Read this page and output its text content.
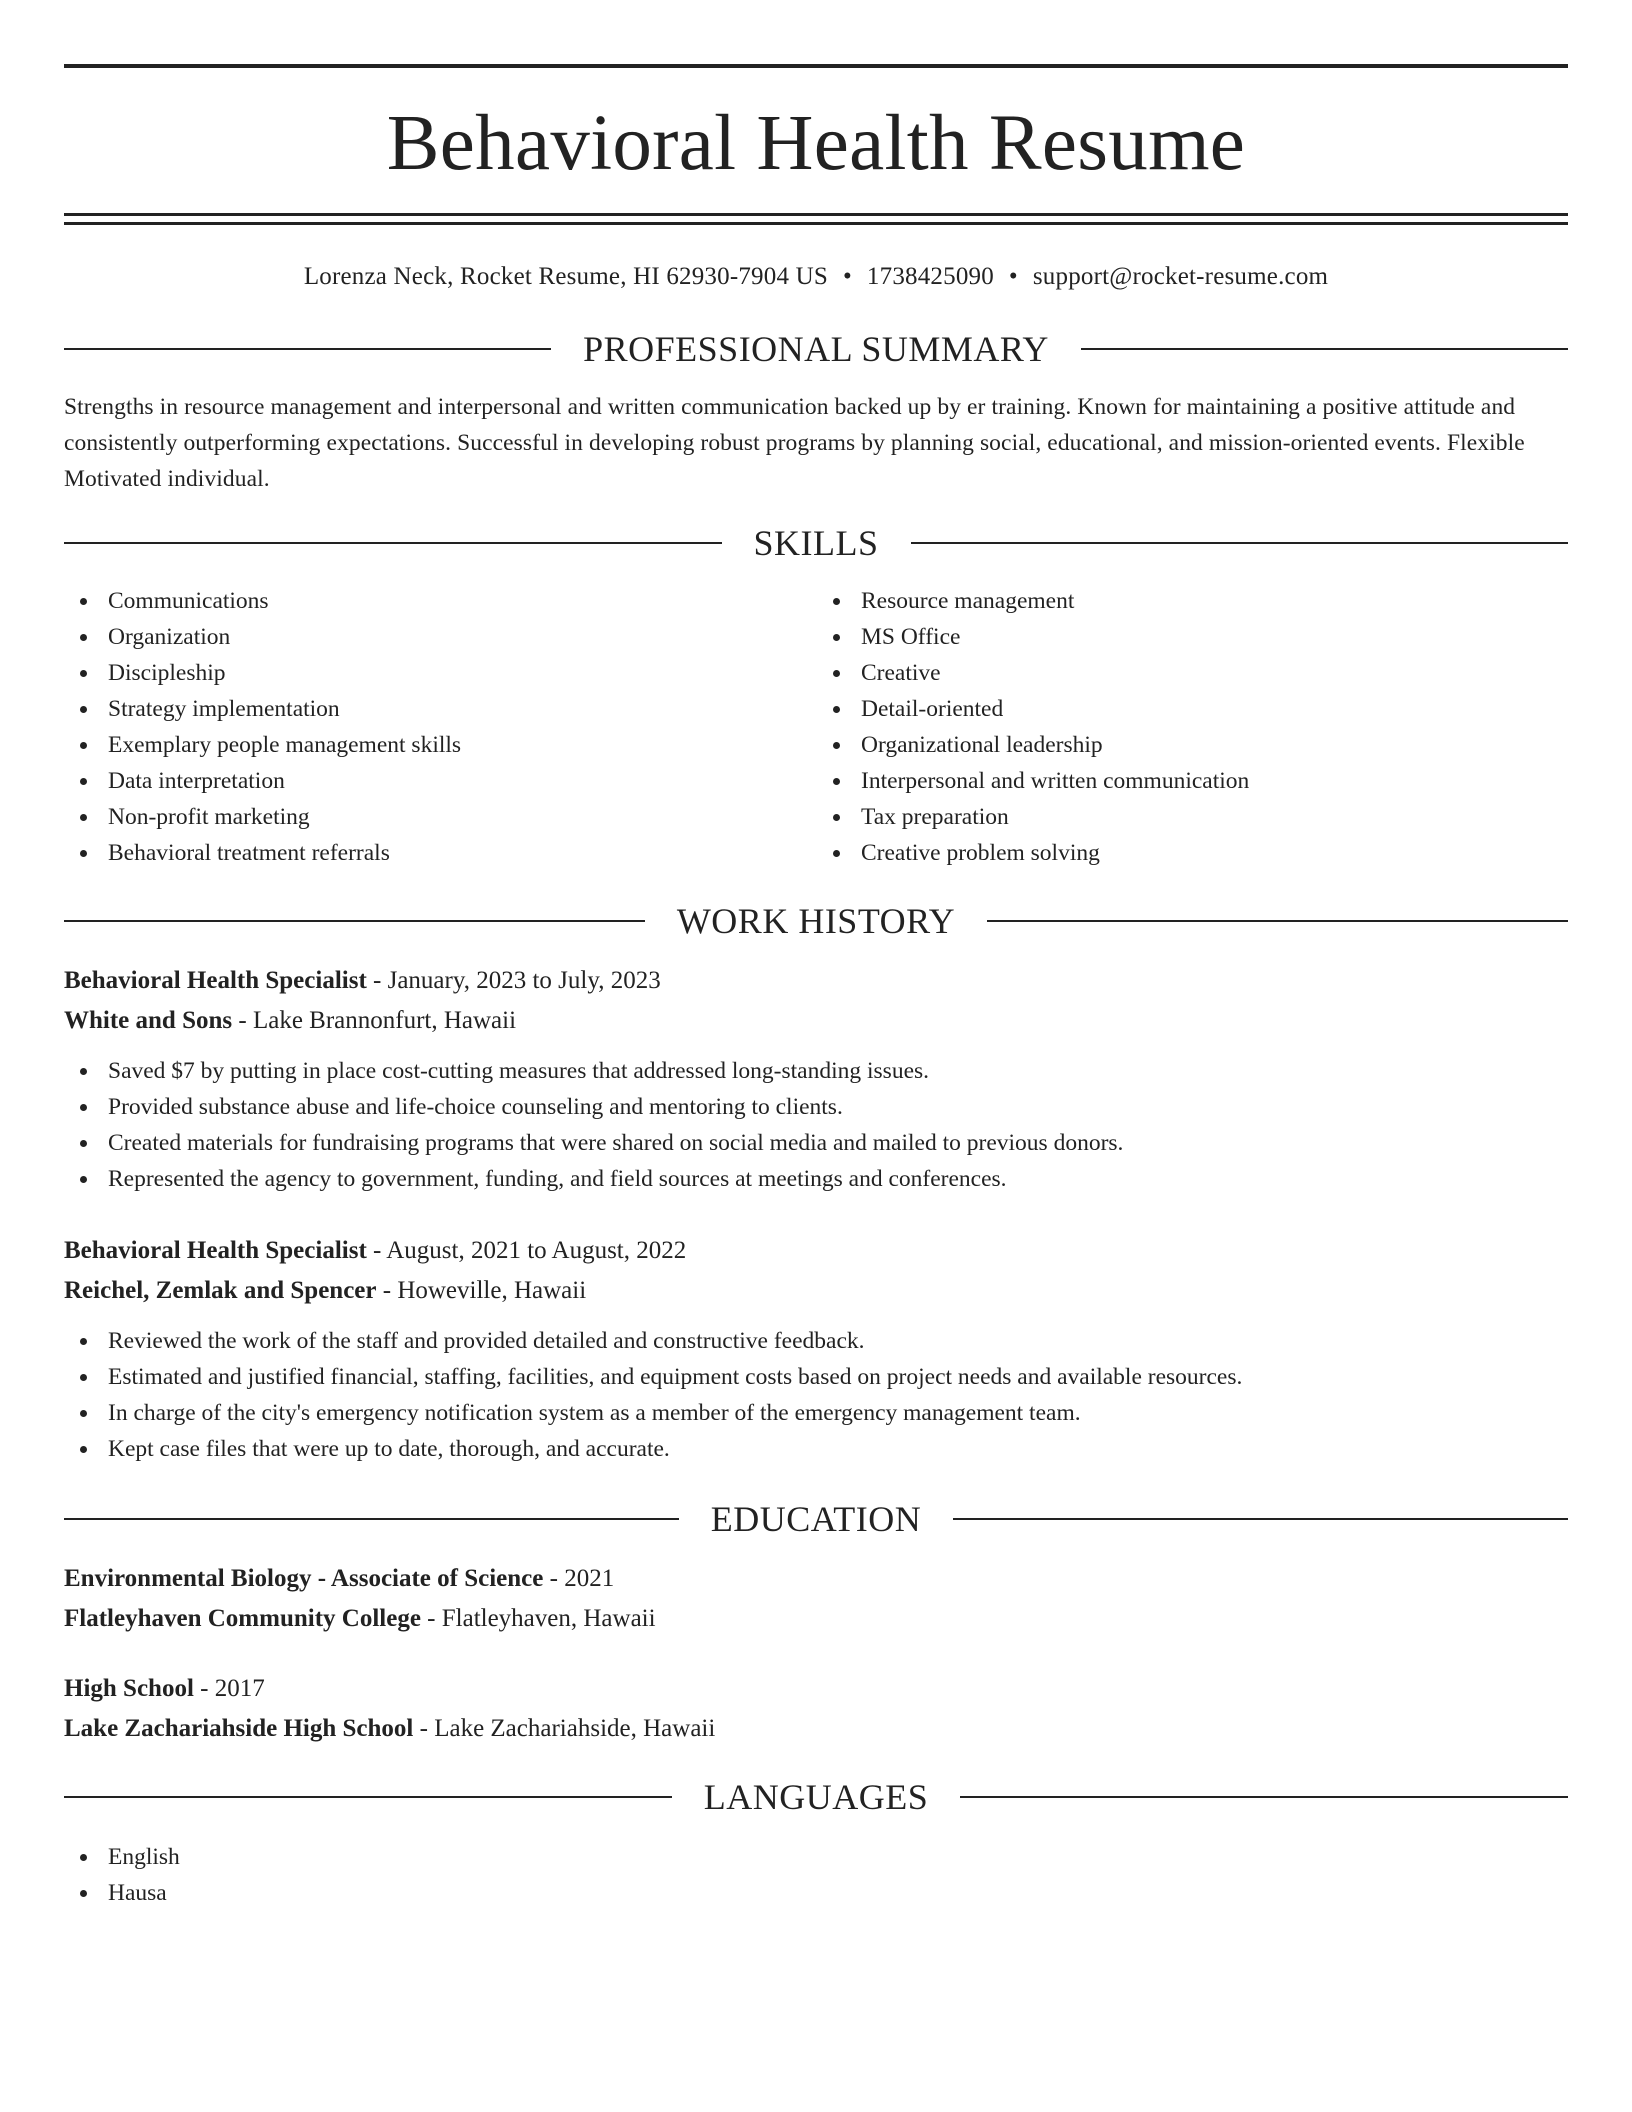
Behavioral Health Resume
Lorenza Neck, Rocket Resume, HI 62930-7904 US • 1738425090 • support@rocket-resume.com
PROFESSIONAL SUMMARY

Strengths in resource management and interpersonal and written communication backed up by er training. Known for maintaining a positive attitude and consistently outperforming expectations. Successful in developing robust programs by planning social, educational, and mission-oriented events. Flexible Motivated individual.

SKILLS
Communications
Organization
Discipleship
Strategy implementation
Exemplary people management skills
Data interpretation
Non-profit marketing
Behavioral treatment referrals
Resource management
MS Office
Creative
Detail-oriented
Organizational leadership
Interpersonal and written communication
Tax preparation
Creative problem solving
WORK HISTORY
Behavioral Health Specialist - January, 2023 to July, 2023
White and Sons - Lake Brannonfurt, Hawaii
Saved $7 by putting in place cost-cutting measures that addressed long-standing issues.
Provided substance abuse and life-choice counseling and mentoring to clients.
Created materials for fundraising programs that were shared on social media and mailed to previous donors.
Represented the agency to government, funding, and field sources at meetings and conferences.
Behavioral Health Specialist - August, 2021 to August, 2022
Reichel, Zemlak and Spencer - Howeville, Hawaii
Reviewed the work of the staff and provided detailed and constructive feedback.
Estimated and justified financial, staffing, facilities, and equipment costs based on project needs and available resources.
In charge of the city's emergency notification system as a member of the emergency management team.
Kept case files that were up to date, thorough, and accurate.
EDUCATION
Environmental Biology - Associate of Science - 2021
Flatleyhaven Community College - Flatleyhaven, Hawaii
High School - 2017
Lake Zachariahside High School - Lake Zachariahside, Hawaii
LANGUAGES
English
Hausa
